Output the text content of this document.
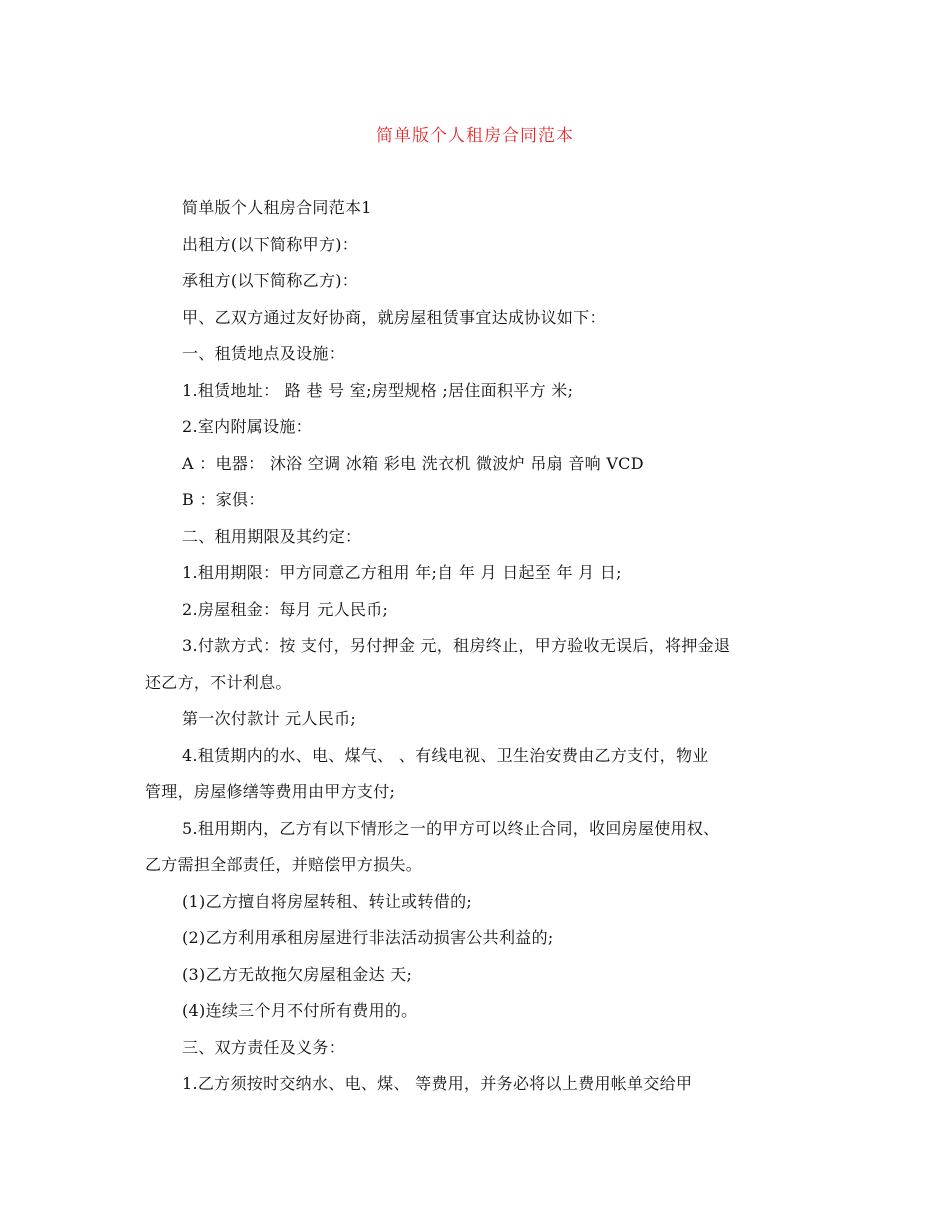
简单版个人租房合同范本
简单版个人租房合同范本1
出租方(以下简称甲方)：
承租方(以下简称乙方)：
甲、乙双方通过友好协商，就房屋租赁事宜达成协议如下：
一、租赁地点及设施：
1.租赁地址： 路 巷 号 室;房型规格 ;居住面积平方 米;
2.室内附属设施：
A ：电器： 沐浴 空调 冰箱 彩电 洗衣机 微波炉 吊扇 音响 VCD
B ：家俱：
二、租用期限及其约定：
1.租用期限：甲方同意乙方租用 年;自 年 月 日起至 年 月 日;
2.房屋租金：每月 元人民币;
3.付款方式：按 支付，另付押金 元，租房终止，甲方验收无误后，将押金退
还乙方，不计利息。
第一次付款计 元人民币;
4.租赁期内的水、电、煤气、 、有线电视、卫生治安费由乙方支付，物业
管理，房屋修缮等费用由甲方支付;
5.租用期内，乙方有以下情形之一的甲方可以终止合同，收回房屋使用权、
乙方需担全部责任，并赔偿甲方损失。
(1)乙方擅自将房屋转租、转让或转借的;
(2)乙方利用承租房屋进行非法活动损害公共利益的;
(3)乙方无故拖欠房屋租金达 天;
(4)连续三个月不付所有费用的。
三、双方责任及义务：
1.乙方须按时交纳水、电、煤、 等费用，并务必将以上费用帐单交给甲
